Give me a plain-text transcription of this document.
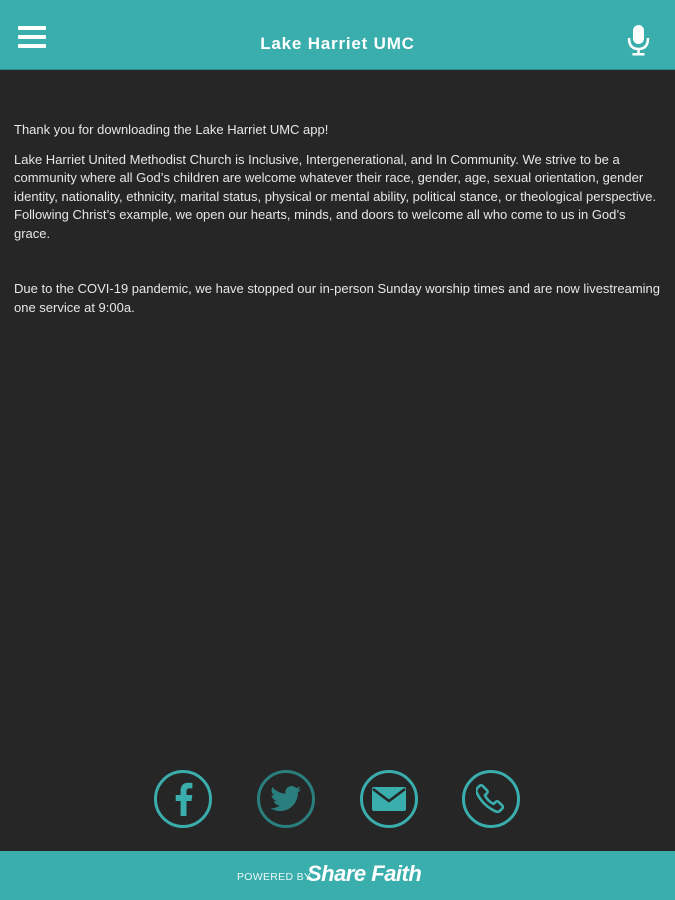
Lake Harriet UMC

Thank you for downloading the Lake Harriet UMC app!

Lake Harriet United Methodist Church is Inclusive, Intergenerational, and In Community. We strive to be a community where all God’s children are welcome whatever their race, gender, age, sexual orientation, gender identity, nationality, ethnicity, marital status, physical or mental ability, political stance, or theological perspective. Following Christ’s example, we open our hearts, minds, and doors to welcome all who come to us in God’s grace.

Due to the COVI-19 pandemic, we have stopped our in-person Sunday worship times and are now livestreaming one service at 9:00a.

POWERED BY
Share Faith
